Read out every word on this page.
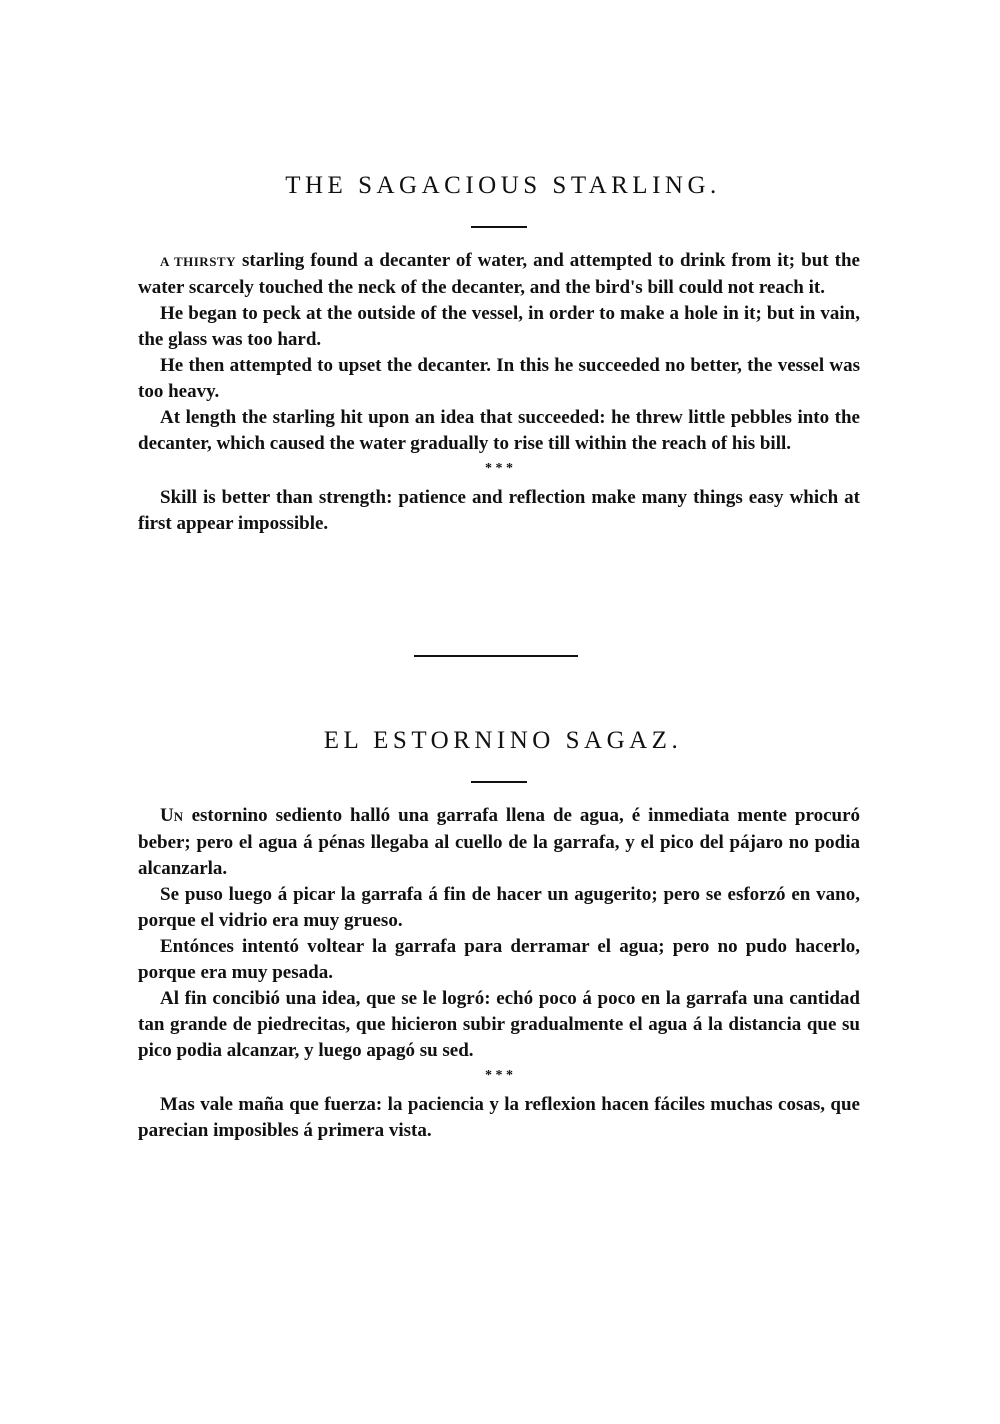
THE SAGACIOUS STARLING.

A THIRSTY starling found a decanter of water, and attempted to drink from it; but the water scarcely touched the neck of the decanter, and the bird's bill could not reach it.

He began to peck at the outside of the vessel, in order to make a hole in it; but in vain, the glass was too hard.

He then attempted to upset the decanter. In this he succeeded no better, the vessel was too heavy.

At length the starling hit upon an idea that succeeded: he threw little pebbles into the decanter, which caused the water gradually to rise till within the reach of his bill.

* * *

Skill is better than strength: patience and reflection make many things easy which at first appear impossible.

EL ESTORNINO SAGAZ.

UN estornino sediento halló una garrafa llena de agua, é inmediata mente procuró beber; pero el agua á pénas llegaba al cuello de la garrafa, y el pico del pájaro no podia alcanzarla.

Se puso luego á picar la garrafa á fin de hacer un agugerito; pero se esforzó en vano, porque el vidrio era muy grueso.

Entónces intentó voltear la garrafa para derramar el agua; pero no pudo hacerlo, porque era muy pesada.

Al fin concibió una idea, que se le logró: echó poco á poco en la garrafa una cantidad tan grande de piedrecitas, que hicieron subir gradualmente el agua á la distancia que su pico podia alcanzar, y luego apagó su sed.

* * *

Mas vale maña que fuerza: la paciencia y la reflexion hacen fáciles muchas cosas, que parecian imposibles á primera vista.
